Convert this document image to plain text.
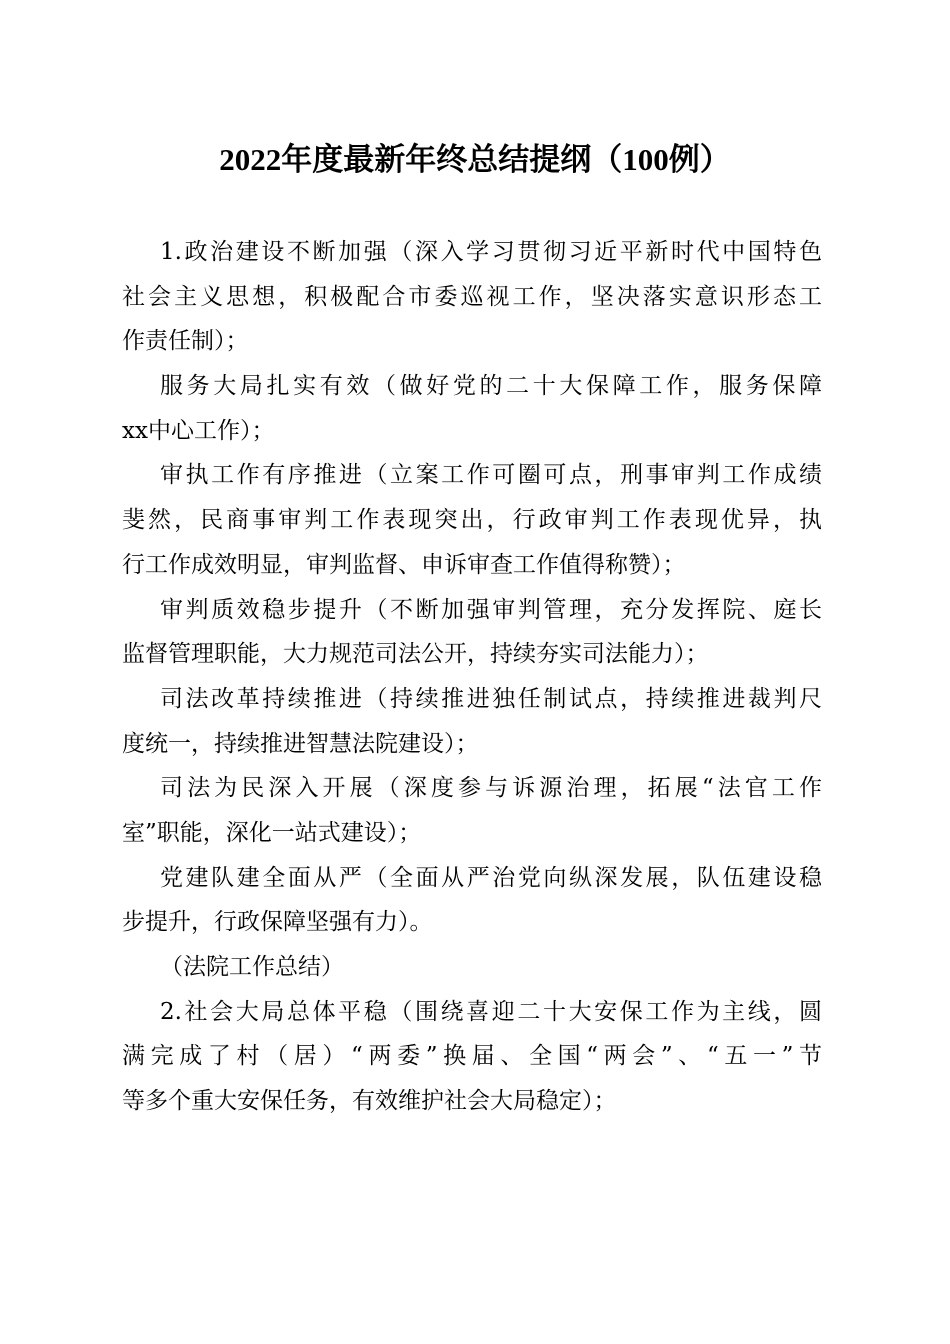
2022年度最新年终总结提纲（100例）
1.政治建设不断加强（深入学习贯彻习近平新时代中国特色
社会主义思想，积极配合市委巡视工作，坚决落实意识形态工
作责任制）；
服务大局扎实有效（做好党的二十大保障工作，服务保障
xx中心工作）；
审执工作有序推进（立案工作可圈可点，刑事审判工作成绩
斐然，民商事审判工作表现突出，行政审判工作表现优异，执
行工作成效明显，审判监督、申诉审查工作值得称赞）；
审判质效稳步提升（不断加强审判管理，充分发挥院、庭长
监督管理职能，大力规范司法公开，持续夯实司法能力）；
司法改革持续推进（持续推进独任制试点，持续推进裁判尺
度统一，持续推进智慧法院建设）；
司法为民深入开展（深度参与诉源治理，拓展“法官工作
室”职能，深化一站式建设）；
党建队建全面从严（全面从严治党向纵深发展，队伍建设稳
步提升，行政保障坚强有力）。
（法院工作总结）
2.社会大局总体平稳（围绕喜迎二十大安保工作为主线，圆
满完成了村（居）“两委”换届、全国“两会”、“五一”节
等多个重大安保任务，有效维护社会大局稳定）；
